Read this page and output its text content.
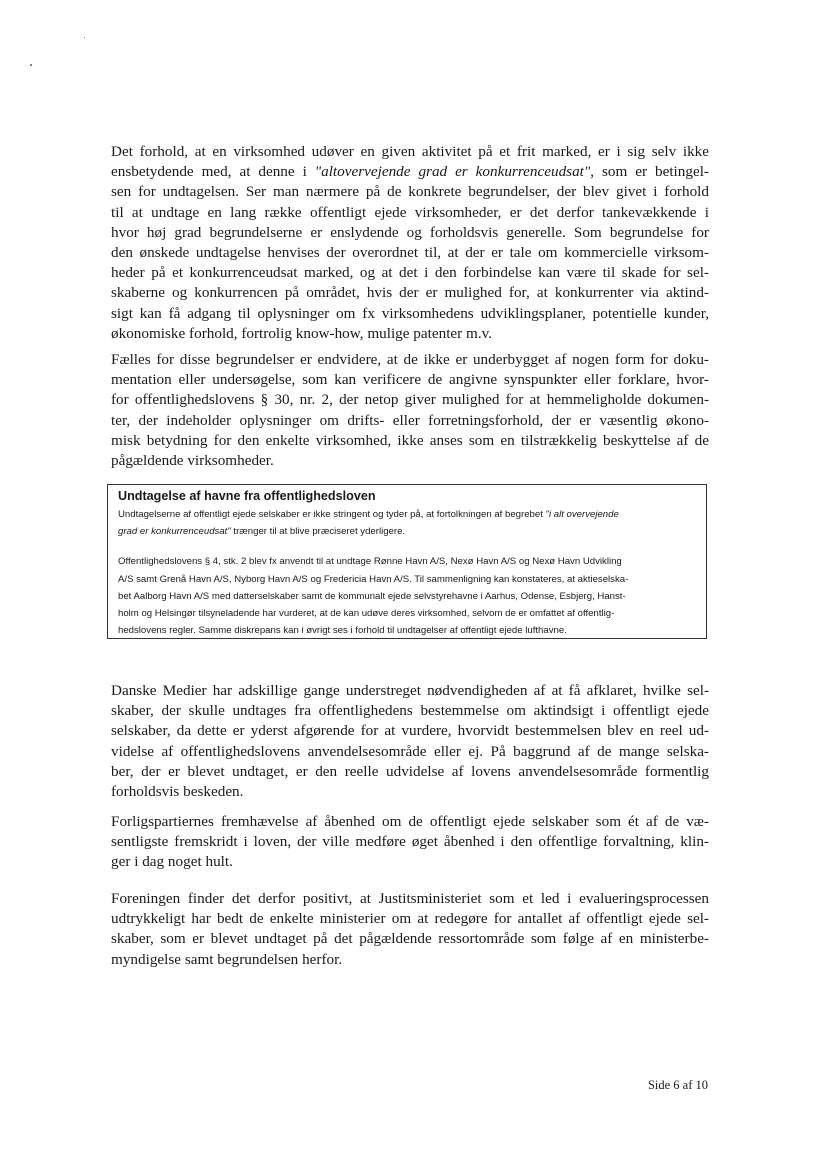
Det forhold, at en virksomhed udøver en given aktivitet på et frit marked, er i sig selv ikke
ensbetydende med, at denne i "altovervejende grad er konkurrenceudsat", som er betingel-
sen for undtagelsen. Ser man nærmere på de konkrete begrundelser, der blev givet i forhold
til at undtage en lang række offentligt ejede virksomheder, er det derfor tankevækkende i
hvor høj grad begrundelserne er enslydende og forholdsvis generelle. Som begrundelse for
den ønskede undtagelse henvises der overordnet til, at der er tale om kommercielle virksom-
heder på et konkurrenceudsat marked, og at det i den forbindelse kan være til skade for sel-
skaberne og konkurrencen på området, hvis der er mulighed for, at konkurrenter via aktind-
sigt kan få adgang til oplysninger om fx virksomhedens udviklingsplaner, potentielle kunder,
økonomiske forhold, fortrolig know-how, mulige patenter m.v.
Fælles for disse begrundelser er endvidere, at de ikke er underbygget af nogen form for doku-
mentation eller undersøgelse, som kan verificere de angivne synspunkter eller forklare, hvor-
for offentlighedslovens § 30, nr. 2, der netop giver mulighed for at hemmeligholde dokumen-
ter, der indeholder oplysninger om drifts- eller forretningsforhold, der er væsentlig økono-
misk betydning for den enkelte virksomhed, ikke anses som en tilstrækkelig beskyttelse af de
pågældende virksomheder.

Undtagelse af havne fra offentlighedsloven

Undtagelserne af offentligt ejede selskaber er ikke stringent og tyder på, at fortolkningen af begrebet "i alt overvejende
grad er konkurrenceudsat" trænger til at blive præciseret yderligere.

Offentlighedslovens § 4, stk. 2 blev fx anvendt til at undtage Rønne Havn A/S, Nexø Havn A/S og Nexø Havn Udvikling
A/S samt Grenå Havn A/S, Nyborg Havn A/S og Fredericia Havn A/S. Til sammenligning kan konstateres, at aktieselska-
bet Aalborg Havn A/S med datterselskaber samt de kommunalt ejede selvstyrehavne i Aarhus, Odense, Esbjerg, Hanst-
holm og Helsingør tilsyneladende har vurderet, at de kan udøve deres virksomhed, selvom de er omfattet af offentlig-
hedslovens regler. Samme diskrepans kan i øvrigt ses i forhold til undtagelser af offentligt ejede lufthavne.

Danske Medier har adskillige gange understreget nødvendigheden af at få afklaret, hvilke sel-
skaber, der skulle undtages fra offentlighedens bestemmelse om aktindsigt i offentligt ejede
selskaber, da dette er yderst afgørende for at vurdere, hvorvidt bestemmelsen blev en reel ud-
videlse af offentlighedslovens anvendelsesområde eller ej. På baggrund af de mange selska-
ber, der er blevet undtaget, er den reelle udvidelse af lovens anvendelsesområde formentlig
forholdsvis beskeden.
Forligspartiernes fremhævelse af åbenhed om de offentligt ejede selskaber som ét af de væ-
sentligste fremskridt i loven, der ville medføre øget åbenhed i den offentlige forvaltning, klin-
ger i dag noget hult.
Foreningen finder det derfor positivt, at Justitsministeriet som et led i evalueringsprocessen
udtrykkeligt har bedt de enkelte ministerier om at redegøre for antallet af offentligt ejede sel-
skaber, som er blevet undtaget på det pågældende ressortområde som følge af en ministerbe-
myndigelse samt begrundelsen herfor.
Side 6 af 10
